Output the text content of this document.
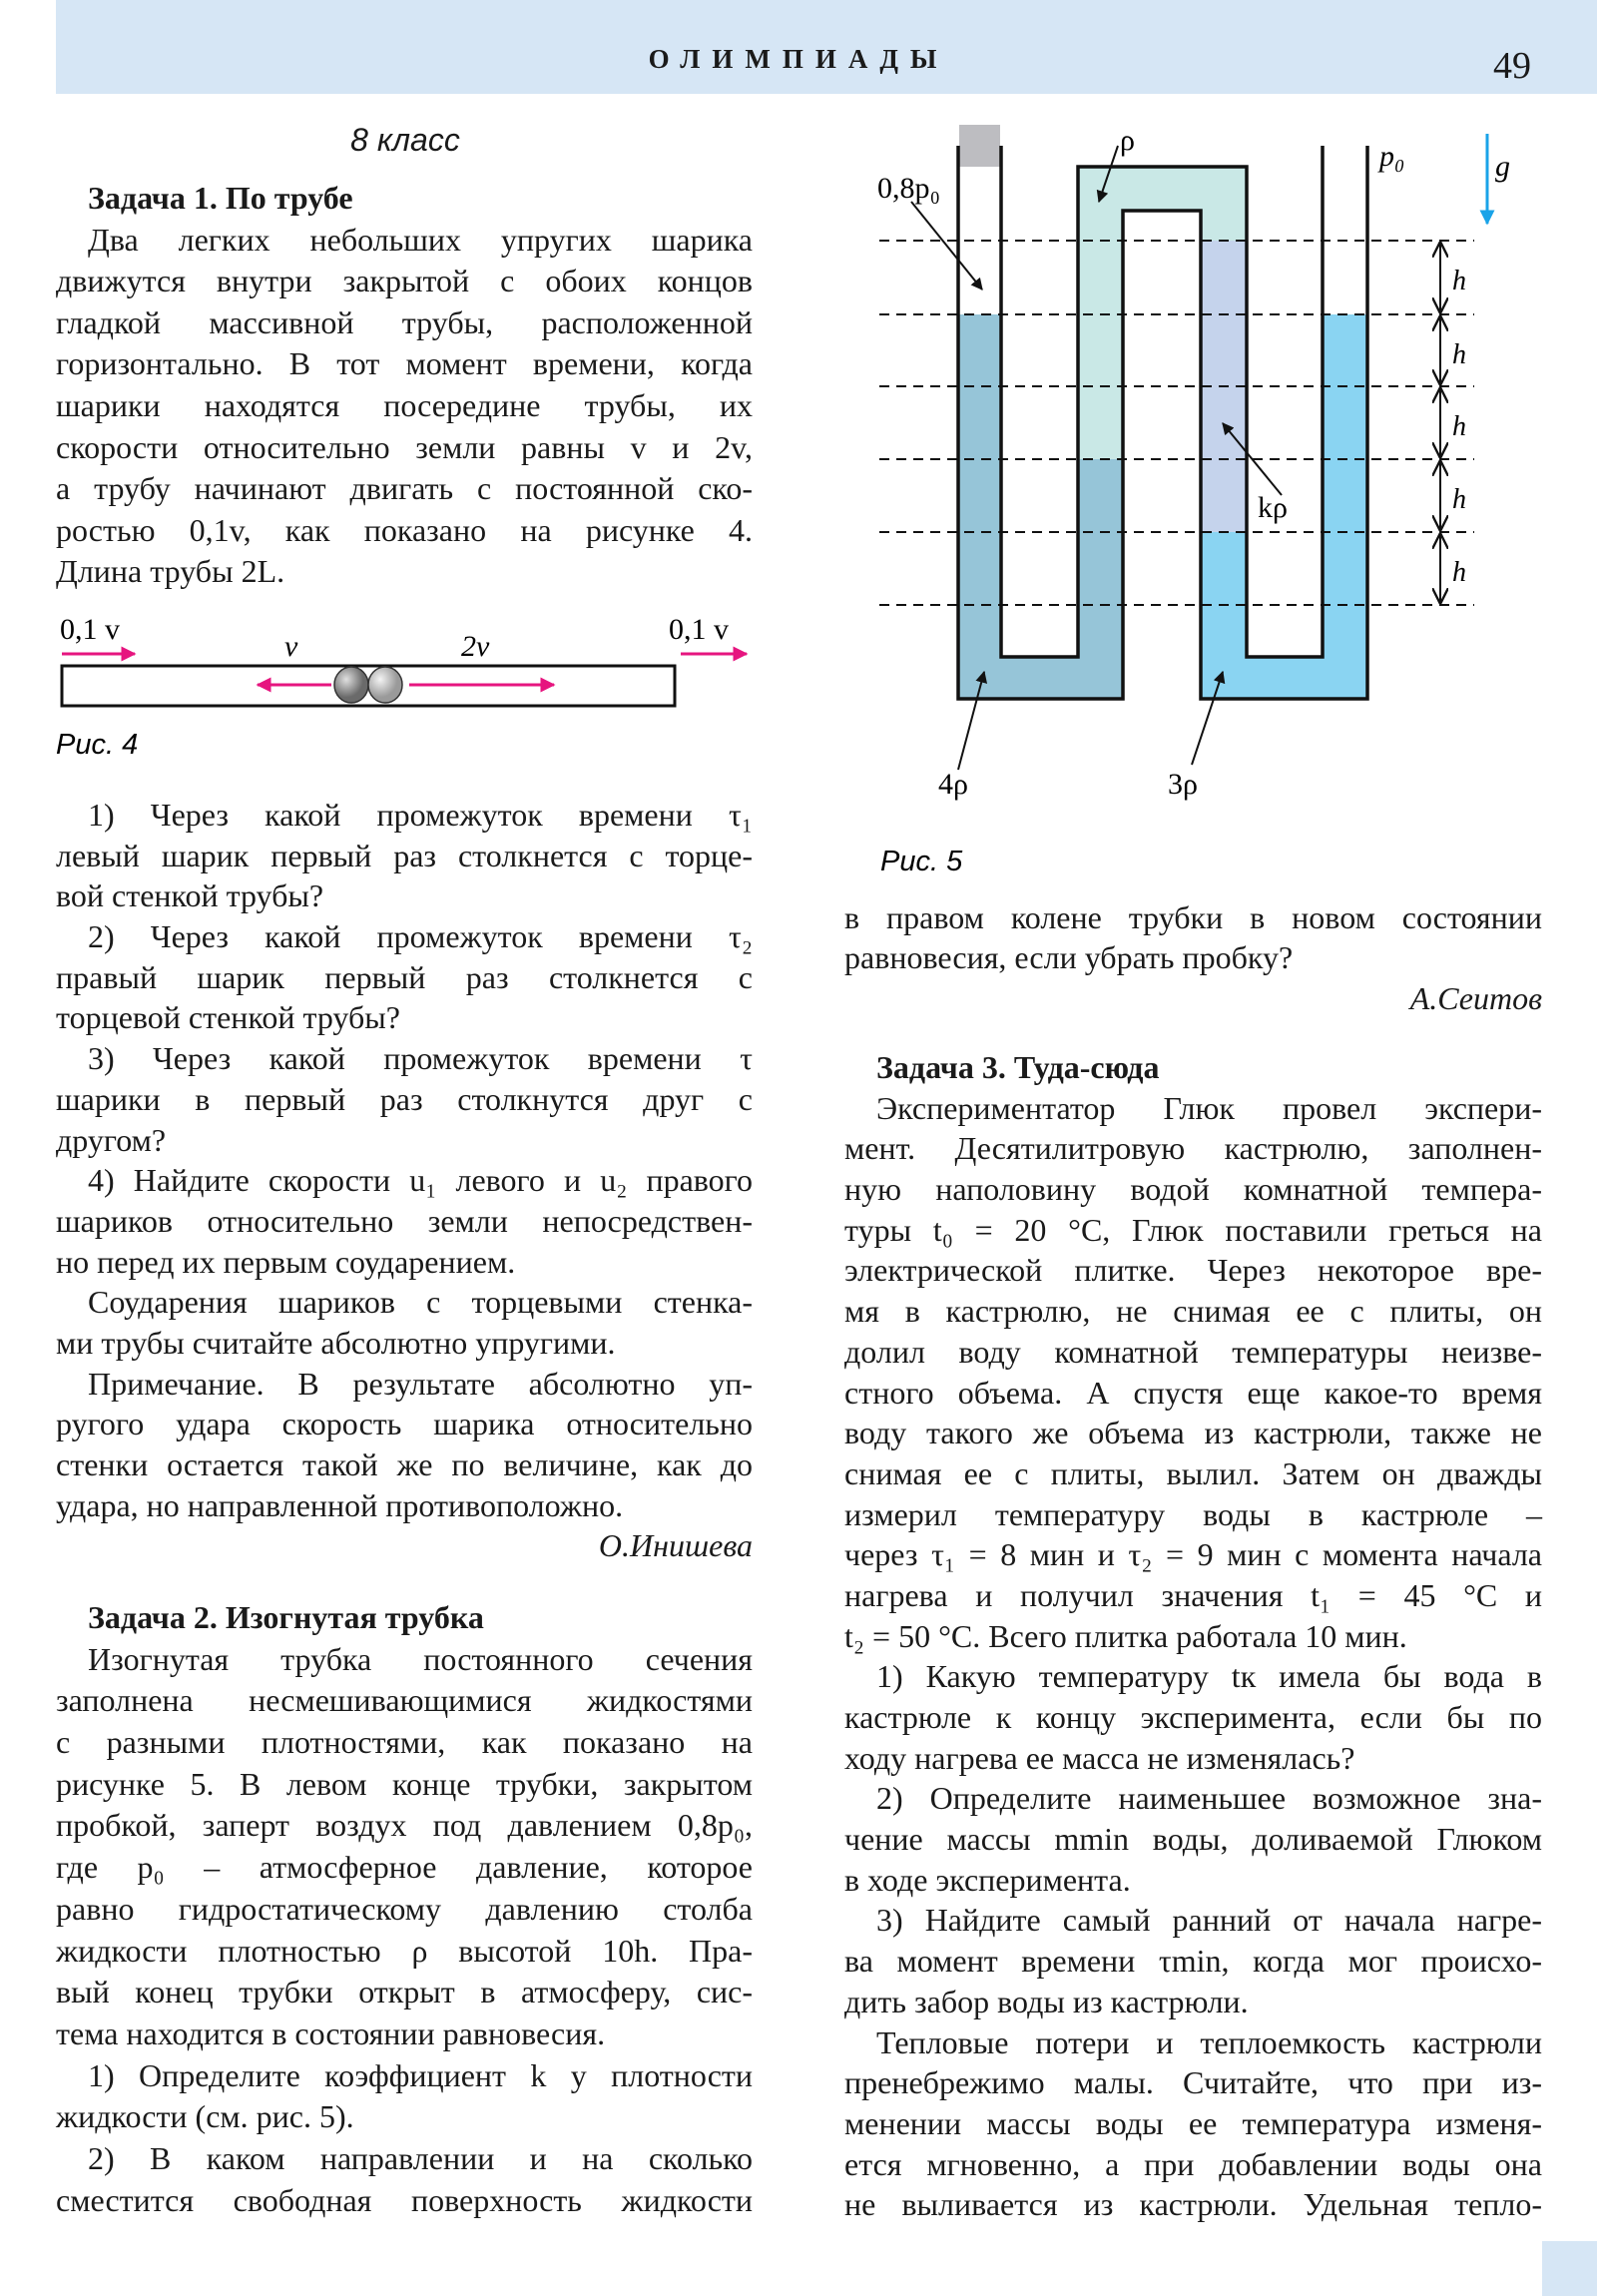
ОЛИМПИАДЫ	49
8 класс
Задача 1. По трубе
Два легких небольших упругих шарика
движутся внутри закрытой с обоих концов
гладкой массивной трубы, расположенной
горизонтально. В тот момент времени, когда
шарики находятся посередине трубы, их
скорости относительно земли равны v и 2v,
а трубу начинают двигать с постоянной ско-
ростью 0,1v, как показано на рисунке 4.
Длина трубы 2L.
0,1 v	0,1 v
v	2v
Рис. 4
1) Через какой промежуток времени τ₁
левый шарик первый раз столкнется с торце-
вой стенкой трубы?
2) Через какой промежуток времени τ₂
правый шарик первый раз столкнется с
торцевой стенкой трубы?
3) Через какой промежуток времени τ
шарики в первый раз столкнутся друг с
другом?
4) Найдите скорости u₁ левого и u₂ правого
шариков относительно земли непосредствен-
но перед их первым соударением.
Соударения шариков с торцевыми стенка-
ми трубы считайте абсолютно упругими.
Примечание. В результате абсолютно уп-
ругого удара скорость шарика относительно
стенки остается такой же по величине, как до
удара, но направленной противоположно.
О.Инишева
Задача 2. Изогнутая трубка
Изогнутая трубка постоянного сечения
заполнена несмешивающимися жидкостями
с разными плотностями, как показано на
рисунке 5. В левом конце трубки, закрытом
пробкой, заперт воздух под давлением 0,8p₀,
где p₀ – атмосферное давление, которое
равно гидростатическому давлению столба
жидкости плотностью ρ высотой 10h. Пра-
вый конец трубки открыт в атмосферу, сис-
тема находится в состоянии равновесия.
1) Определите коэффициент k у плотности
жидкости (см. рис. 5).
2) В каком направлении и на сколько
сместится свободная поверхность жидкости
h
h
h
h
h
0,8p₀
ρ	p₀	g
kρ
4ρ	3ρ
Рис. 5
в правом колене трубки в новом состоянии
равновесия, если убрать пробку?
А.Сеитов
Задача 3. Туда-сюда
Экспериментатор Глюк провел экспери-
мент. Десятилитровую кастрюлю, заполнен-
ную наполовину водой комнатной темпера-
туры t₀ = 20 °C, Глюк поставили греться на
электрической плитке. Через некоторое вре-
мя в кастрюлю, не снимая ее с плиты, он
долил воду комнатной температуры неизве-
стного объема. А спустя еще какое-то время
воду такого же объема из кастрюли, также не
снимая ее с плиты, вылил. Затем он дважды
измерил температуру воды в кастрюле –
через τ₁ = 8 мин и τ₂ = 9 мин с момента начала
нагрева и получил значения t₁ = 45 °C и
t₂ = 50 °C. Всего плитка работала 10 мин.
1) Какую температуру tк имела бы вода в
кастрюле к концу эксперимента, если бы по
ходу нагрева ее масса не изменялась?
2) Определите наименьшее возможное зна-
чение массы mmin воды, доливаемой Глюком
в ходе эксперимента.
3) Найдите самый ранний от начала нагре-
ва момент времени τmin, когда мог происхо-
дить забор воды из кастрюли.
Тепловые потери и теплоемкость кастрюли
пренебрежимо малы. Считайте, что при из-
менении массы воды ее температура изменя-
ется мгновенно, а при добавлении воды она
не выливается из кастрюли. Удельная тепло-
